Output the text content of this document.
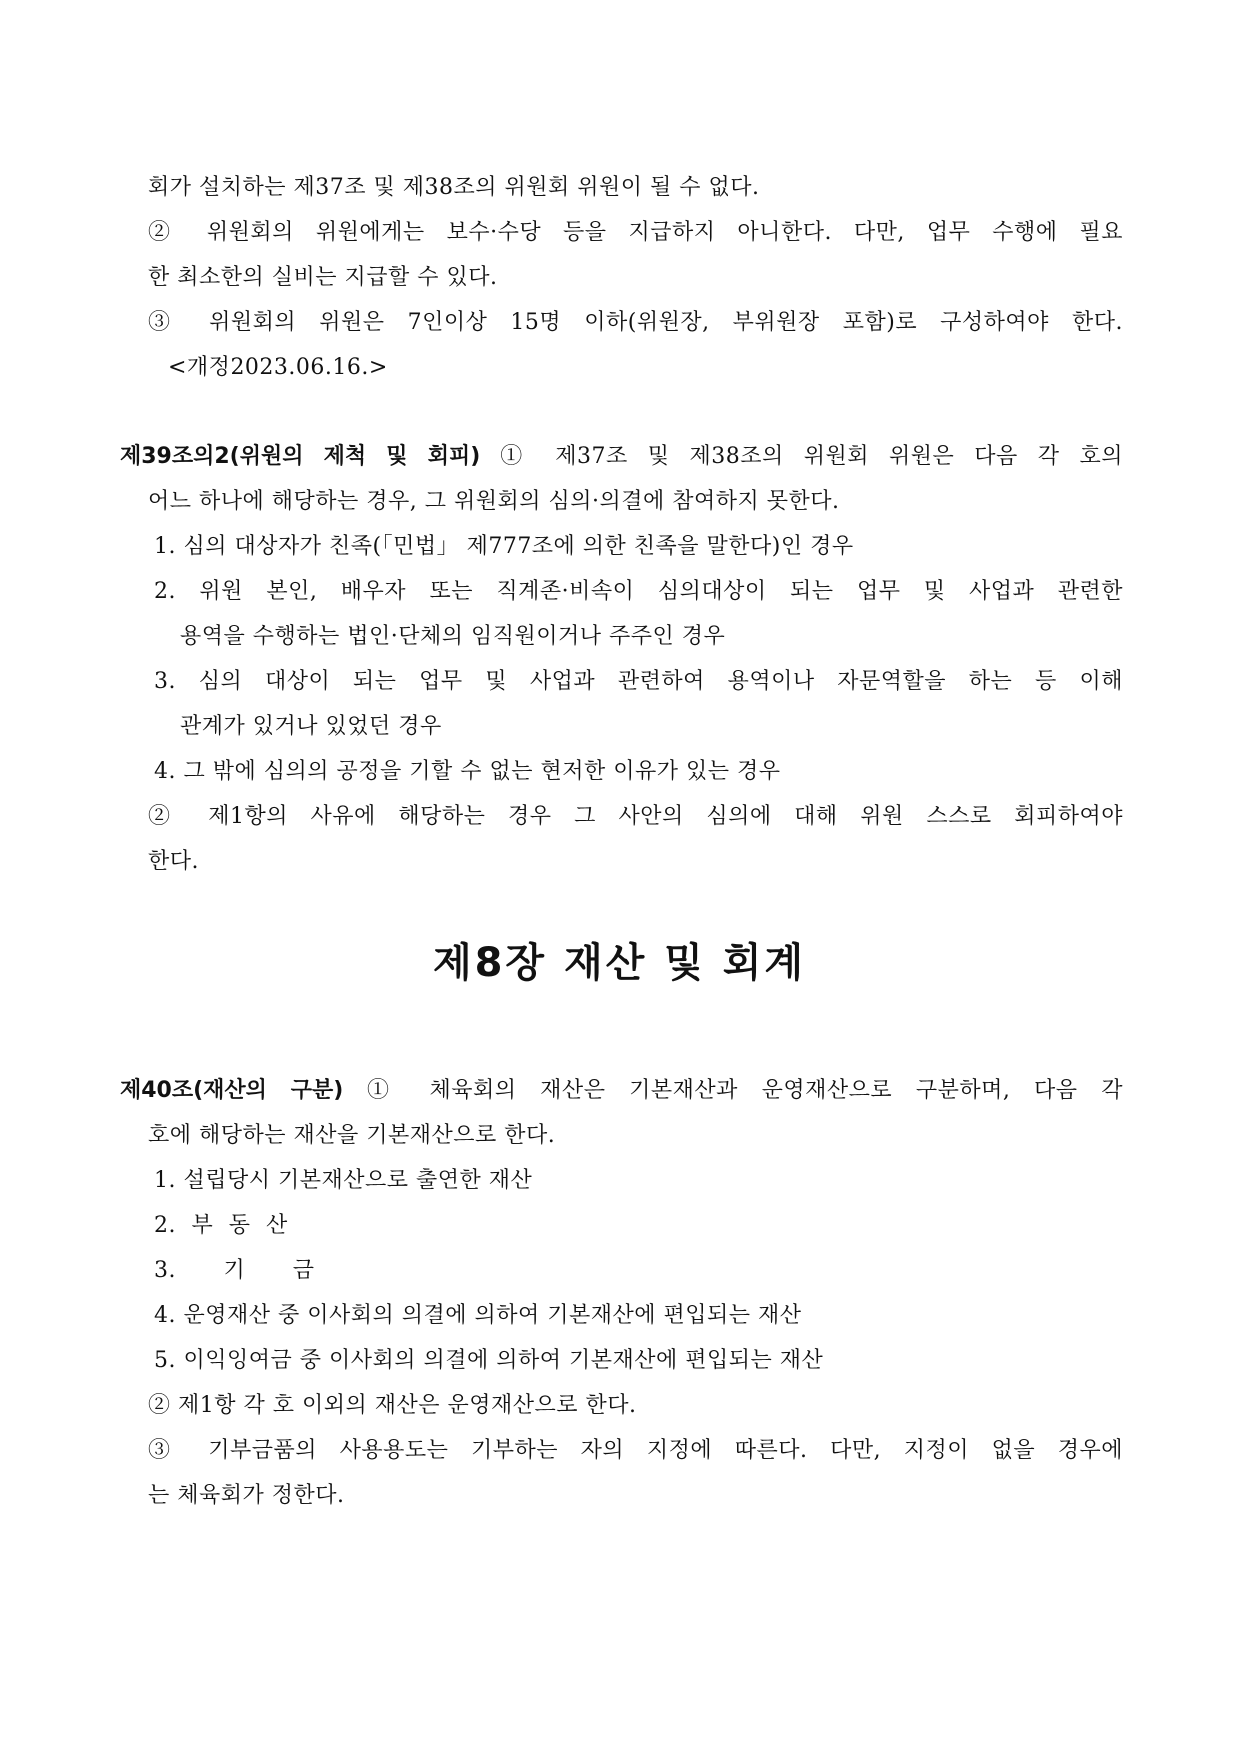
회가 설치하는 제37조 및 제38조의 위원회 위원이 될 수 없다.
② 위원회의 위원에게는 보수·수당 등을 지급하지 아니한다. 다만, 업무 수행에 필요
한 최소한의 실비는 지급할 수 있다.
③ 위원회의 위원은 7인이상 15명 이하(위원장, 부위원장 포함)로 구성하여야 한다.
<개정2023.06.16.>
제39조의2(위원의 제척 및 회피) ① 제37조 및 제38조의 위원회 위원은 다음 각 호의
어느 하나에 해당하는 경우, 그 위원회의 심의·의결에 참여하지 못한다.
1. 심의 대상자가 친족(「민법」 제777조에 의한 친족을 말한다)인 경우
2. 위원 본인, 배우자 또는 직계존·비속이 심의대상이 되는 업무 및 사업과 관련한
용역을 수행하는 법인·단체의 임직원이거나 주주인 경우
3. 심의 대상이 되는 업무 및 사업과 관련하여 용역이나 자문역할을 하는 등 이해
관계가 있거나 있었던 경우
4. 그 밖에 심의의 공정을 기할 수 없는 현저한 이유가 있는 경우
② 제1항의 사유에 해당하는 경우 그 사안의 심의에 대해 위원 스스로 회피하여야
한다.
제8장 재산 및 회계
제40조(재산의 구분) ① 체육회의 재산은 기본재산과 운영재산으로 구분하며, 다음 각
호에 해당하는 재산을 기본재산으로 한다.
1. 설립당시 기본재산으로 출연한 재산
2. 부 동 산
3. 기 금
4. 운영재산 중 이사회의 의결에 의하여 기본재산에 편입되는 재산
5. 이익잉여금 중 이사회의 의결에 의하여 기본재산에 편입되는 재산
② 제1항 각 호 이외의 재산은 운영재산으로 한다.
③ 기부금품의 사용용도는 기부하는 자의 지정에 따른다. 다만, 지정이 없을 경우에
는 체육회가 정한다.
